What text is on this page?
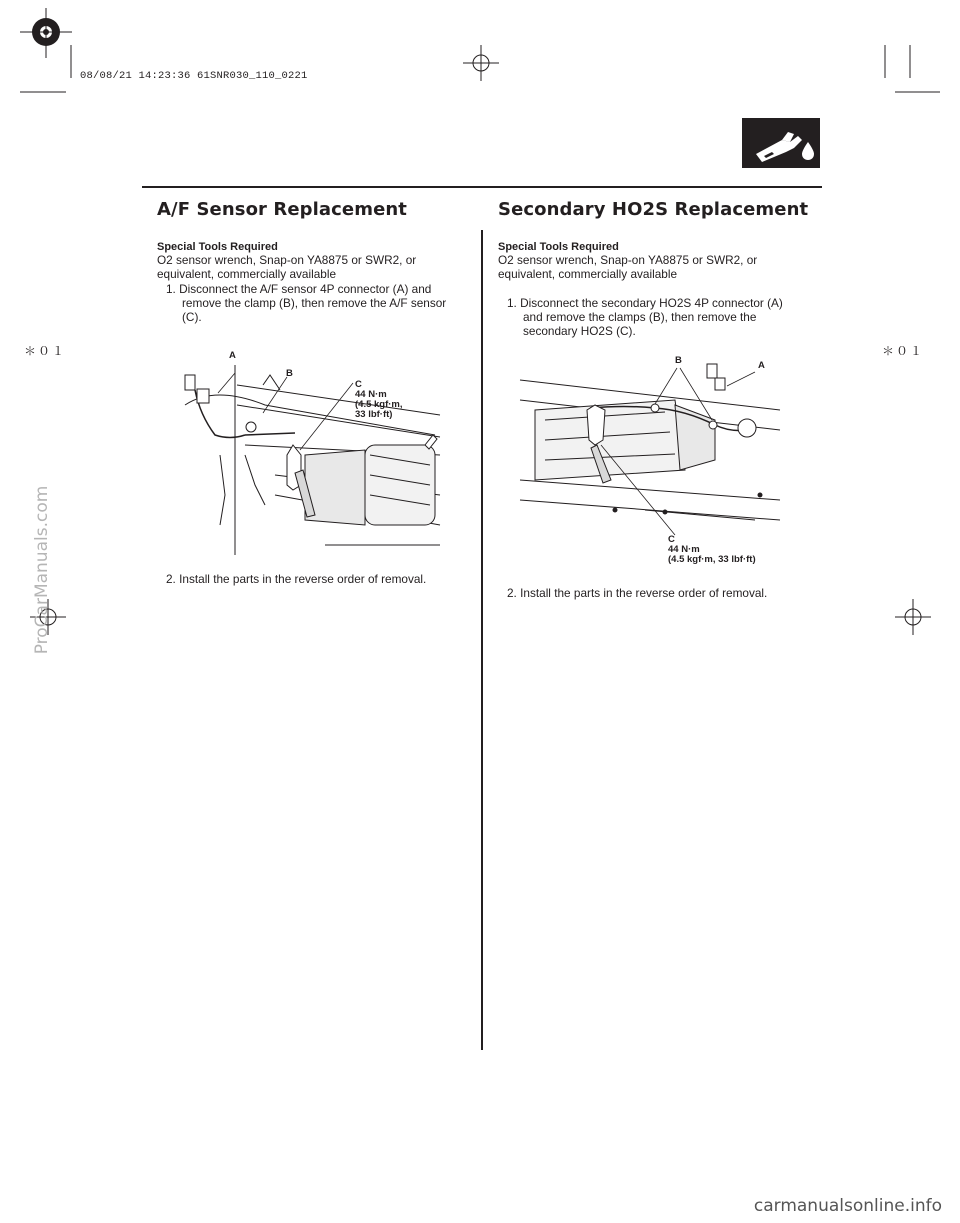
08/08/21 14:23:36 61SNR030_110_0221
A/F Sensor Replacement
Special Tools Required
O2 sensor wrench, Snap-on YA8875 or SWR2, or
equivalent, commercially available
1. Disconnect the A/F sensor 4P connector (A) and
remove the clamp (B), then remove the A/F sensor
(C).
A
B
C
44 N·m
(4.5 kgf·m,
33 lbf·ft)
2. Install the parts in the reverse order of removal.
Secondary HO2S Replacement
Special Tools Required
O2 sensor wrench, Snap-on YA8875 or SWR2, or
equivalent, commercially available
1. Disconnect the secondary HO2S 4P connector (A)
and remove the clamps (B), then remove the
secondary HO2S (C).
B	A
C
44 N·m
(4.5 kgf·m, 33 lbf·ft)
2. Install the parts in the reverse order of removal.
＊０１	＊０１
ProCarManuals.com
carmanualsonline.info
